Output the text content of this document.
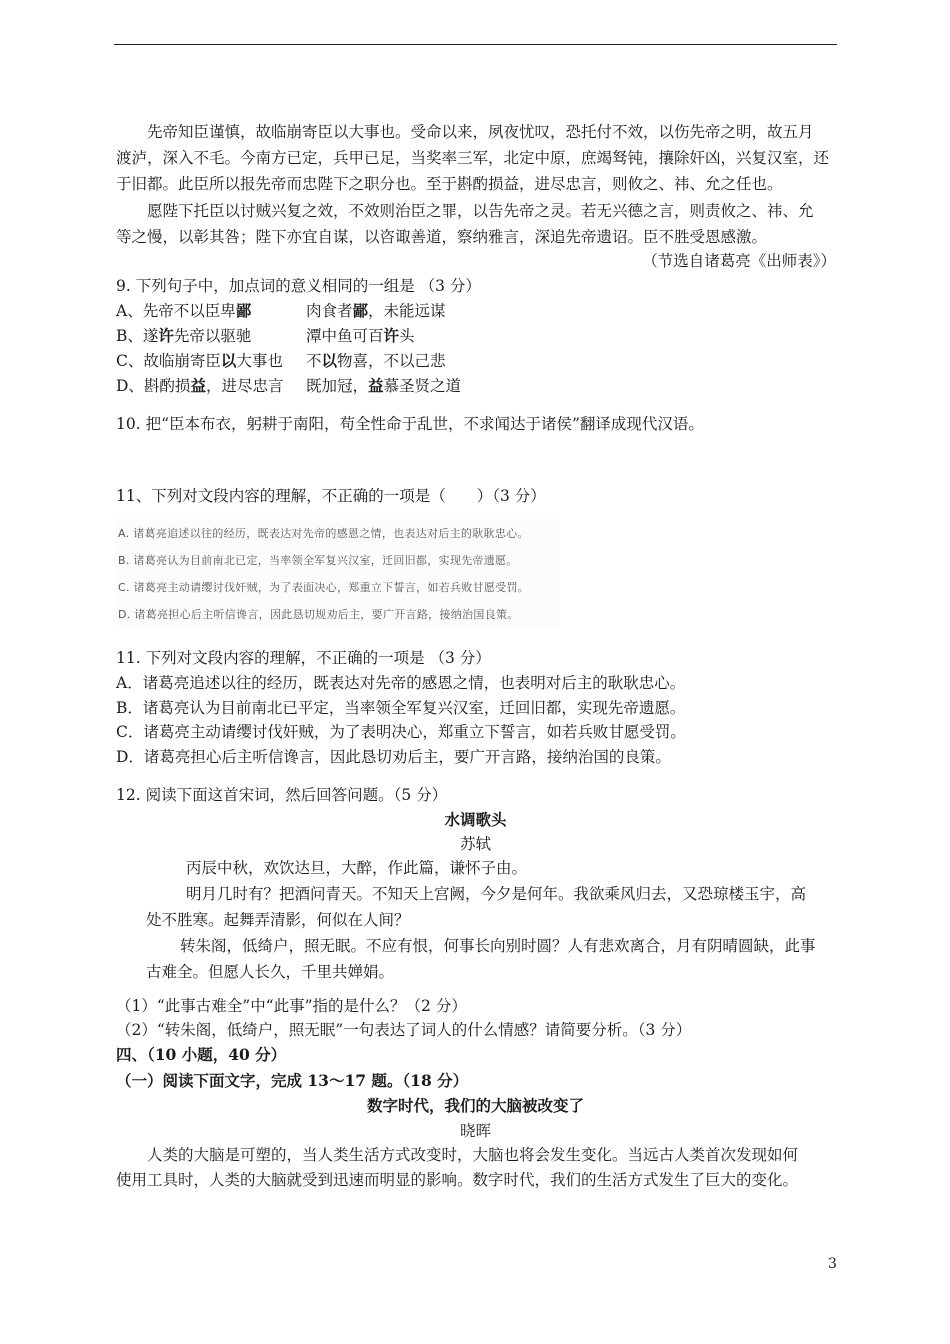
先帝知臣谨慎，故临崩寄臣以大事也。受命以来，夙夜忧叹，恐托付不效，以伤先帝之明，故五月
渡泸，深入不毛。今南方已定，兵甲已足，当奖率三军，北定中原，庶竭驽钝，攘除奸凶，兴复汉室，还
于旧都。此臣所以报先帝而忠陛下之职分也。至于斟酌损益，进尽忠言，则攸之、祎、允之任也。
愿陛下托臣以讨贼兴复之效，不效则治臣之罪，以告先帝之灵。若无兴德之言，则责攸之、祎、允
等之慢，以彰其咎；陛下亦宜自谋，以咨诹善道，察纳雅言，深追先帝遗诏。臣不胜受恩感激。
（节选自诸葛亮《出师表》）
9. 下列句子中，加点词的意义相同的一组是 （3 分）
A、先帝不以臣卑鄙	肉食者鄙，未能远谋
B、遂许先帝以驱驰	潭中鱼可百许头
C、故临崩寄臣以大事也 不以物喜，不以己悲
D、斟酌损益，进尽忠言 既加冠，益慕圣贤之道
10. 把“臣本布衣，躬耕于南阳，苟全性命于乱世，不求闻达于诸侯”翻译成现代汉语。
11、下列对文段内容的理解，不正确的一项是（　　）（3 分）
A. 诸葛亮追述以往的经历，既表达对先帝的感恩之情，也表达对后主的耿耿忠心。
B. 诸葛亮认为目前南北已定，当率领全军复兴汉室，迁回旧都，实现先帝遗愿。
C. 诸葛亮主动请缨讨伐奸贼，为了表面决心，郑重立下誓言，如若兵败甘愿受罚。
D. 诸葛亮担心后主听信谗言，因此恳切规劝后主，要广开言路，接纳治国良策。
11. 下列对文段内容的理解，不正确的一项是 （3 分）
A．诸葛亮追述以往的经历，既表达对先帝的感恩之情，也表明对后主的耿耿忠心。
B．诸葛亮认为目前南北已平定，当率领全军复兴汉室，迁回旧都，实现先帝遗愿。
C．诸葛亮主动请缨讨伐奸贼，为了表明决心，郑重立下誓言，如若兵败甘愿受罚。
D．诸葛亮担心后主听信谗言，因此恳切劝后主，要广开言路，接纳治国的良策。
12. 阅读下面这首宋词，然后回答问题。（5 分）
水调歌头
苏轼
丙辰中秋，欢饮达旦，大醉，作此篇，谦怀子由。
明月几时有？把酒问青天。不知天上宫阙，今夕是何年。我欲乘风归去，又恐琼楼玉宇，高
处不胜寒。起舞弄清影，何似在人间？
转朱阁，低绮户，照无眠。不应有恨，何事长向别时圆？人有悲欢离合，月有阴晴圆缺，此事
古难全。但愿人长久，千里共婵娟。
（1）“此事古难全”中“此事”指的是什么？（2 分）
（2）“转朱阁，低绮户，照无眠”一句表达了词人的什么情感？请简要分析。（3 分）
四、（10 小题，40 分）
（一）阅读下面文字，完成 13～17 题。（18 分）
数字时代，我们的大脑被改变了
晓晖
人类的大脑是可塑的，当人类生活方式改变时，大脑也将会发生变化。当远古人类首次发现如何
使用工具时，人类的大脑就受到迅速而明显的影响。数字时代，我们的生活方式发生了巨大的变化。
3
